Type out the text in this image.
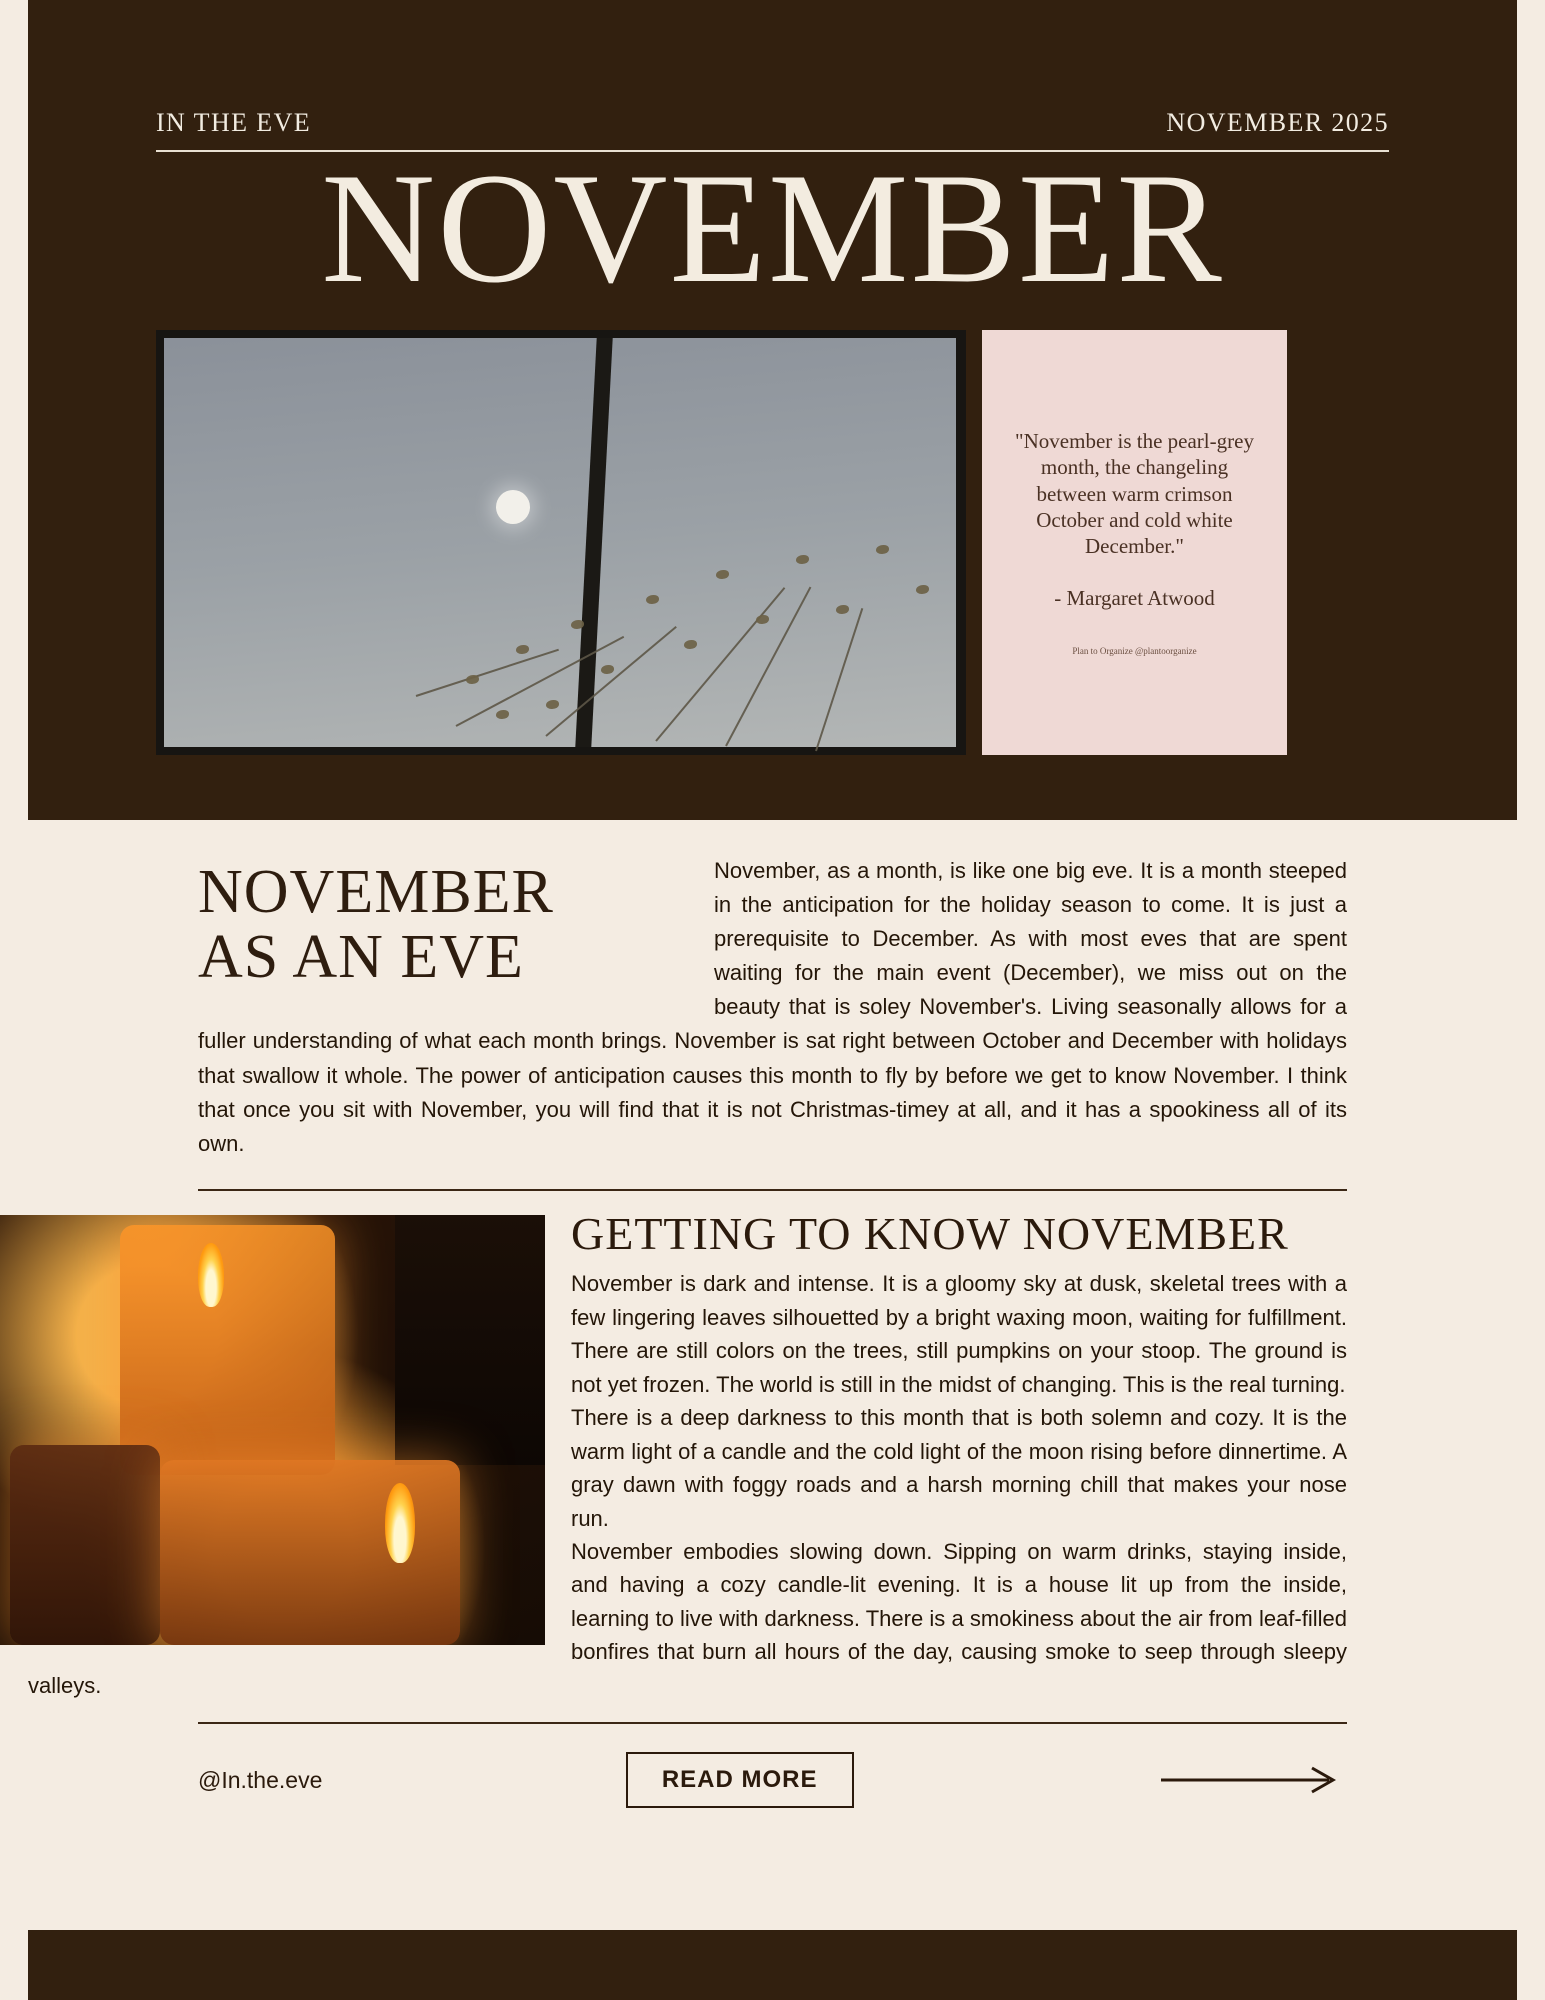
IN THE EVE	NOVEMBER 2025
NOVEMBER
"November is the pearl-grey month, the changeling between warm crimson October and cold white December."
- Margaret Atwood
Plan to Organize @plantoorganize
NOVEMBER
AS AN EVE
November, as a month, is like one big eve. It is a month steeped in the anticipation for the holiday season to come. It is just a prerequisite to December. As with most eves that are spent waiting for the main event (December), we miss out on the beauty that is soley November's. Living seasonally allows for a fuller understanding of what each month brings. November is sat right between October and December with holidays that swallow it whole. The power of anticipation causes this month to fly by before we get to know November. I think that once you sit with November, you will find that it is not Christmas-timey at all, and it has a spookiness all of its own.
GETTING TO KNOW NOVEMBER

November is dark and intense. It is a gloomy sky at dusk, skeletal trees with a few lingering leaves silhouetted by a bright waxing moon, waiting for fulfillment. There are still colors on the trees, still pumpkins on your stoop. The ground is not yet frozen. The world is still in the midst of changing. This is the real turning.

There is a deep darkness to this month that is both solemn and cozy. It is the warm light of a candle and the cold light of the moon rising before dinnertime. A gray dawn with foggy roads and a harsh morning chill that makes your nose run.

November embodies slowing down. Sipping on warm drinks, staying inside, and having a cozy candle-lit evening. It is a house lit up from the inside, learning to live with darkness. There is a smokiness about the air from leaf-filled bonfires that burn all hours of the day, causing smoke to seep through sleepy valleys.

@In.the.eve	READ MORE
